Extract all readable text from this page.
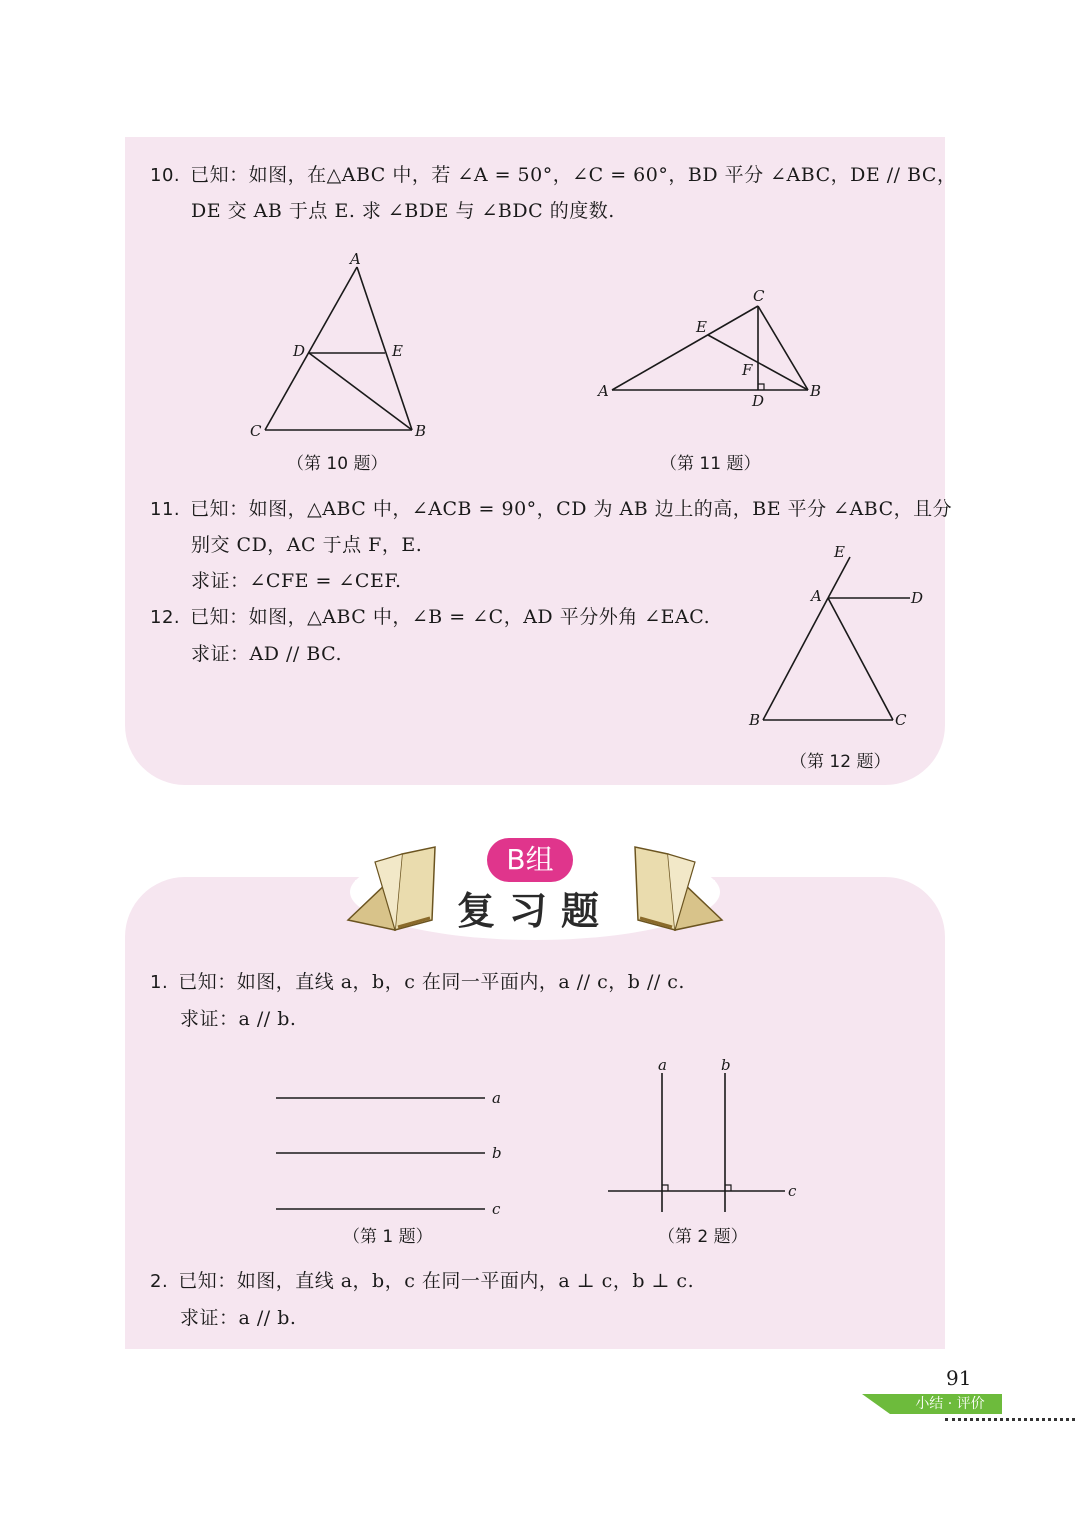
10. 已知：如图，在△ABC 中，若 ∠A = 50°，∠C = 60°，BD 平分 ∠ABC，DE // BC，
DE 交 AB 于点 E. 求 ∠BDE 与 ∠BDC 的度数.
A
D	E
C	B
（第 10 题）
C
E
F
A
D
B
（第 11 题）
11. 已知：如图，△ABC 中，∠ACB = 90°，CD 为 AB 边上的高，BE 平分 ∠ABC，且分
别交 CD，AC 于点 F，E.
求证：∠CFE = ∠CEF.
12. 已知：如图，△ABC 中，∠B = ∠C，AD 平分外角 ∠EAC.
求证：AD // BC.
E
A	D
B	C
（第 12 题）
B组
复习题
1. 已知：如图，直线 a，b，c 在同一平面内，a // c，b // c.
求证：a // b.
a
b
c
（第 1 题）
a	b
c
（第 2 题）
2. 已知：如图，直线 a，b，c 在同一平面内，a ⊥ c，b ⊥ c.
求证：a // b.
91
小结 · 评价
